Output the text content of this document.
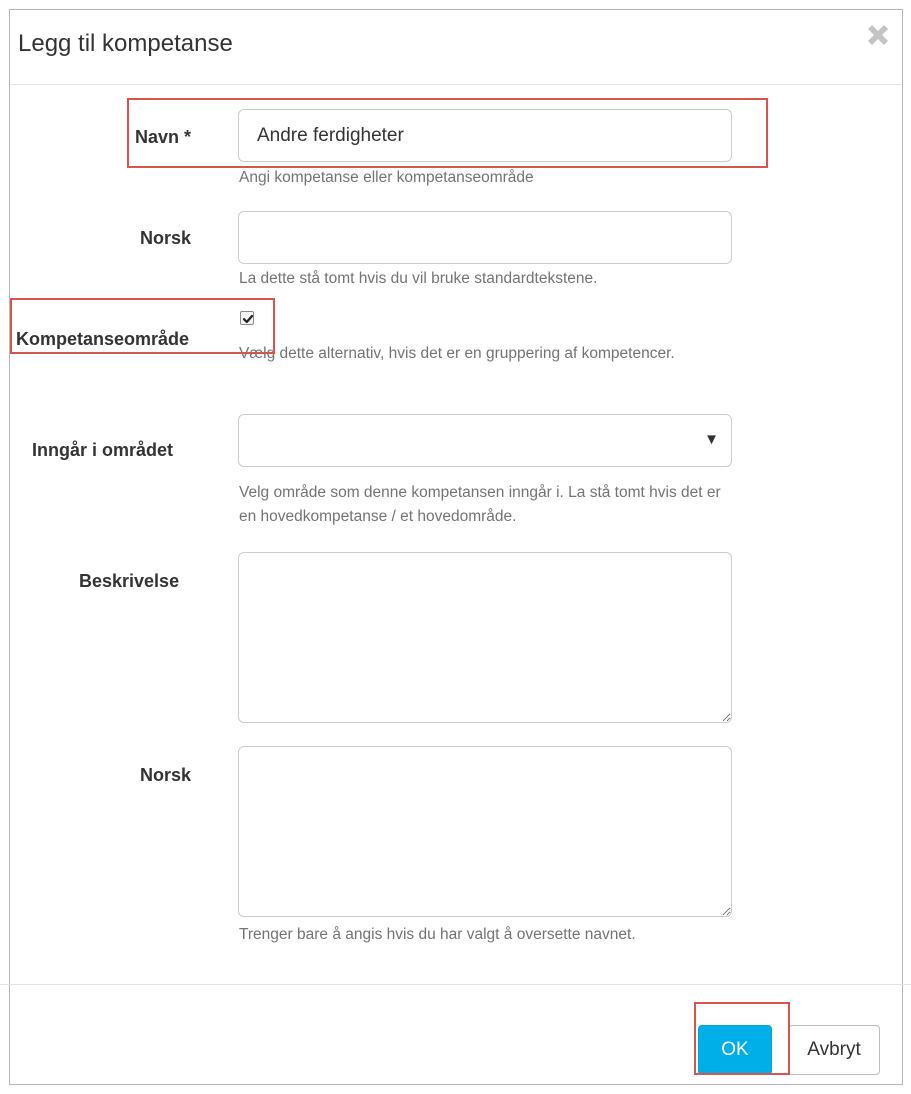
Legg til kompetanse
Navn *
Andre ferdigheter
Angi kompetanse eller kompetanseområde
Norsk
La dette stå tomt hvis du vil bruke standardtekstene.
Kompetanseområde
Vælg dette alternativ, hvis det er en gruppering af kompetencer.
Inngår i området
▼
Velg område som denne kompetansen inngår i. La stå tomt hvis det er en hovedkompetanse / et hovedområde.
Beskrivelse
Norsk
Trenger bare å angis hvis du har valgt å oversette navnet.
OK	Avbryt
